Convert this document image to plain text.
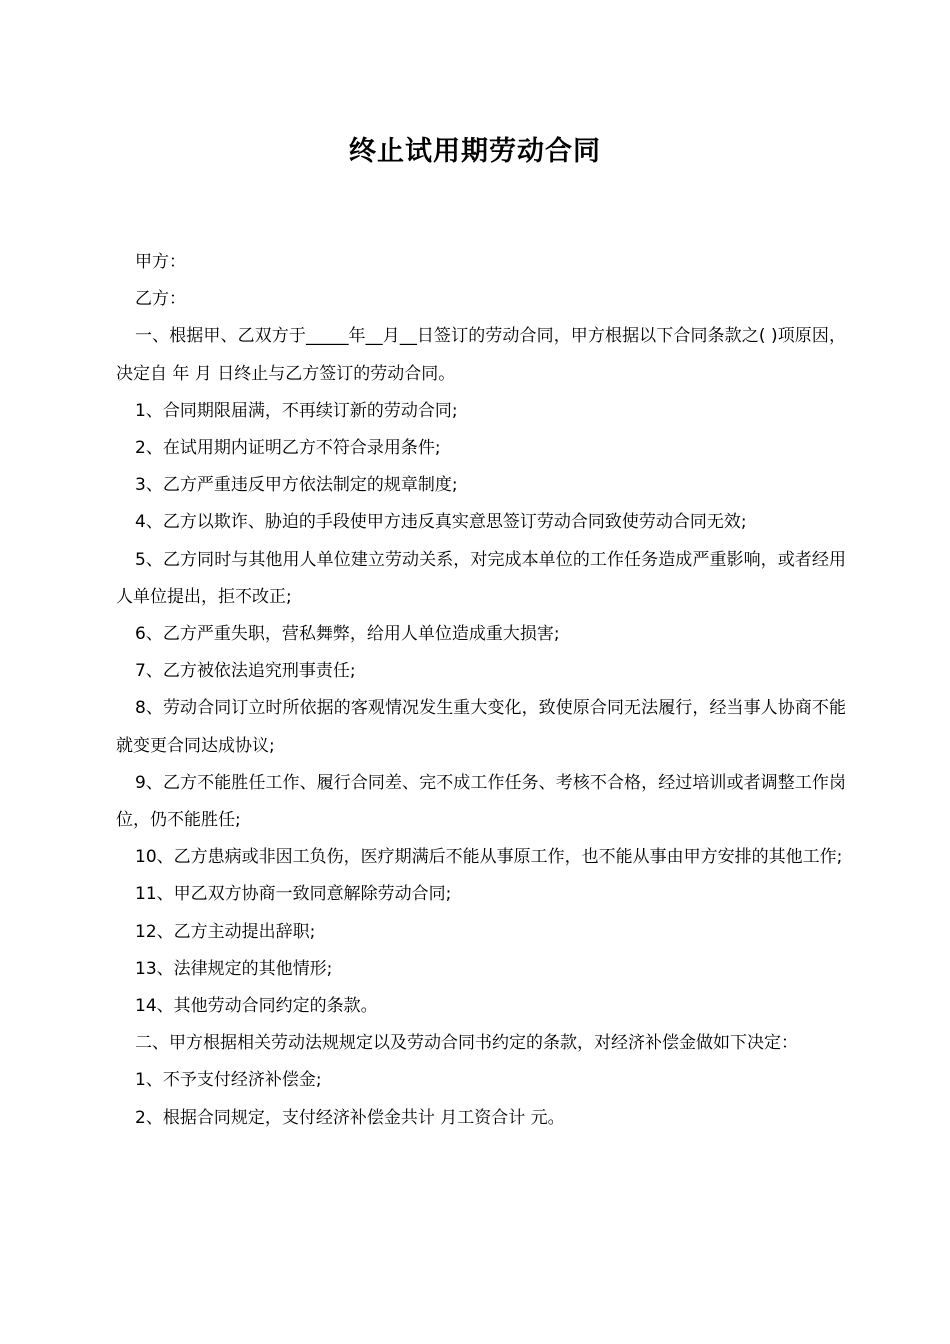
终止试用期劳动合同

甲方：

乙方：

一、根据甲、乙双方于_____年__月__日签订的劳动合同，甲方根据以下合同条款之( )项原因，决定自 年 月 日终止与乙方签订的劳动合同。

1、合同期限届满，不再续订新的劳动合同;

2、在试用期内证明乙方不符合录用条件;

3、乙方严重违反甲方依法制定的规章制度;

4、乙方以欺诈、胁迫的手段使甲方违反真实意思签订劳动合同致使劳动合同无效;

5、乙方同时与其他用人单位建立劳动关系，对完成本单位的工作任务造成严重影响，或者经用人单位提出，拒不改正;

6、乙方严重失职，营私舞弊，给用人单位造成重大损害;

7、乙方被依法追究刑事责任;

8、劳动合同订立时所依据的客观情况发生重大变化，致使原合同无法履行，经当事人协商不能就变更合同达成协议;

9、乙方不能胜任工作、履行合同差、完不成工作任务、考核不合格，经过培训或者调整工作岗位，仍不能胜任;

10、乙方患病或非因工负伤，医疗期满后不能从事原工作，也不能从事由甲方安排的其他工作;

11、甲乙双方协商一致同意解除劳动合同;

12、乙方主动提出辞职;

13、法律规定的其他情形;

14、其他劳动合同约定的条款。

二、甲方根据相关劳动法规规定以及劳动合同书约定的条款，对经济补偿金做如下决定：

1、不予支付经济补偿金;

2、根据合同规定，支付经济补偿金共计 月工资合计 元。
